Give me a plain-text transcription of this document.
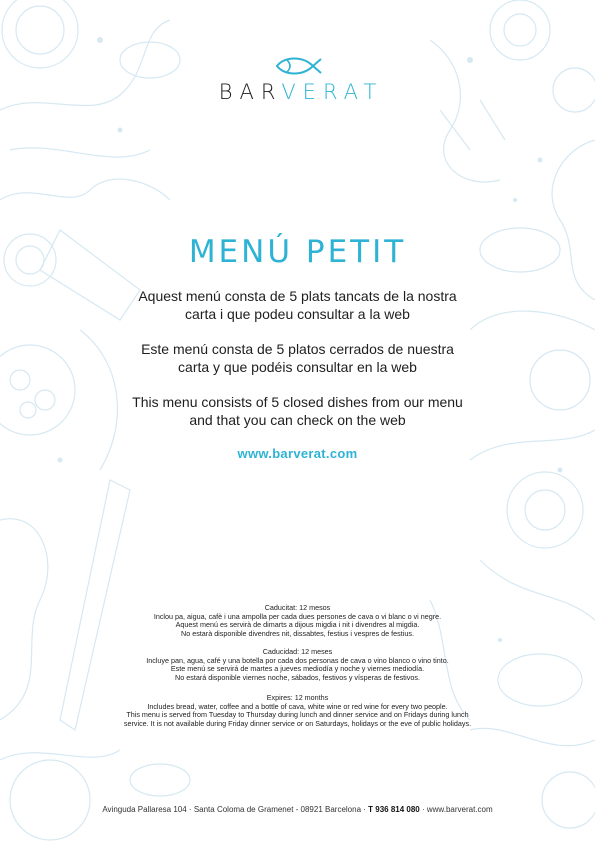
BARVERAT
MENÚ PETIT
Aquest menú consta de 5 plats tancats de la nostra
carta i que podeu consultar a la web
Este menú consta de 5 platos cerrados de nuestra
carta y que podéis consultar en la web
This menu consists of 5 closed dishes from our menu
and that you can check on the web
www.barverat.com
Caducitat: 12 mesos
Inclou pa, aigua, cafè i una ampolla per cada dues persones de cava o vi blanc o vi negre.
Aquest menú es servirà de dimarts a dijous migdia i nit i divendres al migdia.
No estarà disponible divendres nit, dissabtes, festius i vespres de festius.
Caducidad: 12 meses
Incluye pan, agua, café y una botella por cada dos personas de cava o vino blanco o vino tinto.
Este menú se servirá de martes a jueves mediodía y noche y viernes mediodía.
No estará disponible viernes noche, sábados, festivos y vísperas de festivos.
Expires: 12 months
Includes bread, water, coffee and a bottle of cava, white wine or red wine for every two people.
This menu is served from Tuesday to Thursday during lunch and dinner service and on Fridays during lunch
service. It is not available during Friday dinner service or on Saturdays, holidays or the eve of public holidays.
Avinguda Pallaresa 104 · Santa Coloma de Gramenet - 08921 Barcelona · T 936 814 080 · www.barverat.com
